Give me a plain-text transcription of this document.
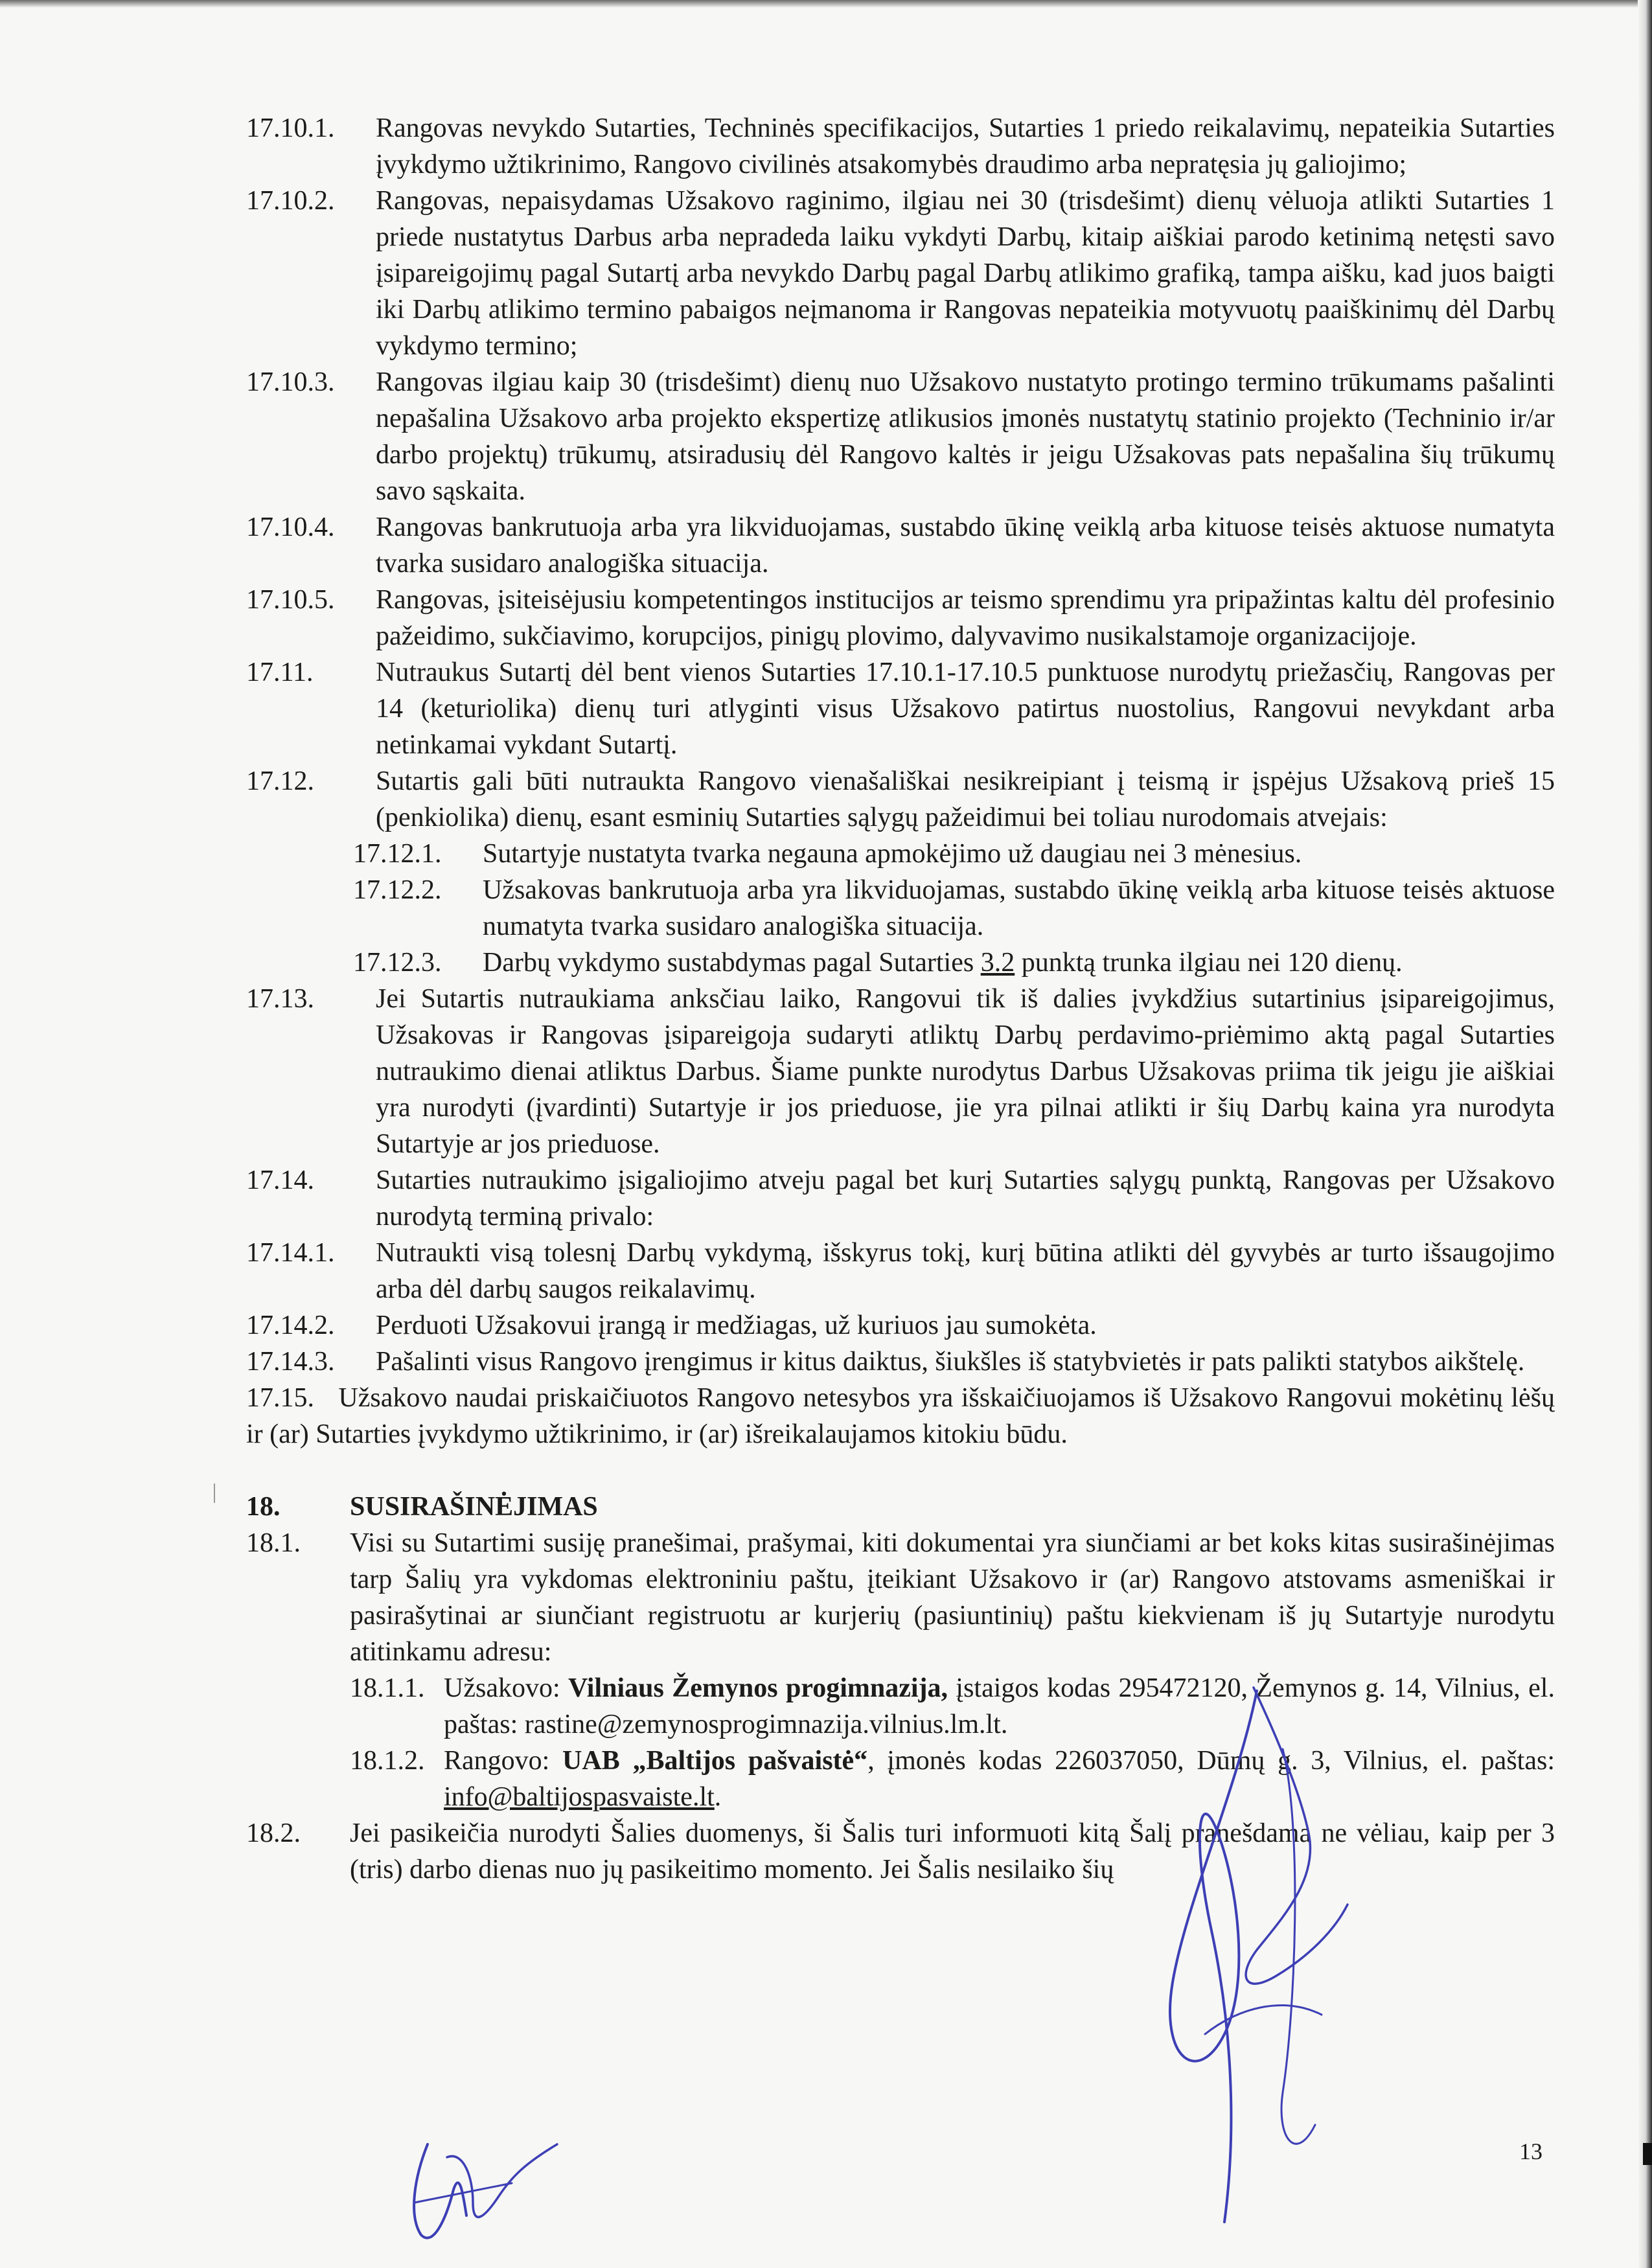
17.10.1. Rangovas nevykdo Sutarties, Techninės specifikacijos, Sutarties 1 priedo reikalavimų, nepateikia Sutarties įvykdymo užtikrinimo, Rangovo civilinės atsakomybės draudimo arba nepratęsia jų galiojimo;
17.10.2. Rangovas, nepaisydamas Užsakovo raginimo, ilgiau nei 30 (trisdešimt) dienų vėluoja atlikti Sutarties 1 priede nustatytus Darbus arba nepradeda laiku vykdyti Darbų, kitaip aiškiai parodo ketinimą netęsti savo įsipareigojimų pagal Sutartį arba nevykdo Darbų pagal Darbų atlikimo grafiką, tampa aišku, kad juos baigti iki Darbų atlikimo termino pabaigos neįmanoma ir Rangovas nepateikia motyvuotų paaiškinimų dėl Darbų vykdymo termino;
17.10.3. Rangovas ilgiau kaip 30 (trisdešimt) dienų nuo Užsakovo nustatyto protingo termino trūkumams pašalinti nepašalina Užsakovo arba projekto ekspertizę atlikusios įmonės nustatytų statinio projekto (Techninio ir/ar darbo projektų) trūkumų, atsiradusių dėl Rangovo kaltės ir jeigu Užsakovas pats nepašalina šių trūkumų savo sąskaita.
17.10.4. Rangovas bankrutuoja arba yra likviduojamas, sustabdo ūkinę veiklą arba kituose teisės aktuose numatyta tvarka susidaro analogiška situacija.
17.10.5. Rangovas, įsiteisėjusiu kompetentingos institucijos ar teismo sprendimu yra pripažintas kaltu dėl profesinio pažeidimo, sukčiavimo, korupcijos, pinigų plovimo, dalyvavimo nusikalstamoje organizacijoje.
17.11. Nutraukus Sutartį dėl bent vienos Sutarties 17.10.1-17.10.5 punktuose nurodytų priežasčių, Rangovas per 14 (keturiolika) dienų turi atlyginti visus Užsakovo patirtus nuostolius, Rangovui nevykdant arba netinkamai vykdant Sutartį.
17.12. Sutartis gali būti nutraukta Rangovo vienašališkai nesikreipiant į teismą ir įspėjus Užsakovą prieš 15 (penkiolika) dienų, esant esminių Sutarties sąlygų pažeidimui bei toliau nurodomais atvejais:
17.12.1. Sutartyje nustatyta tvarka negauna apmokėjimo už daugiau nei 3 mėnesius.
17.12.2. Užsakovas bankrutuoja arba yra likviduojamas, sustabdo ūkinę veiklą arba kituose teisės aktuose numatyta tvarka susidaro analogiška situacija.
17.12.3. Darbų vykdymo sustabdymas pagal Sutarties 3.2 punktą trunka ilgiau nei 120 dienų.
17.13. Jei Sutartis nutraukiama anksčiau laiko, Rangovui tik iš dalies įvykdžius sutartinius įsipareigojimus, Užsakovas ir Rangovas įsipareigoja sudaryti atliktų Darbų perdavimo-priėmimo aktą pagal Sutarties nutraukimo dienai atliktus Darbus. Šiame punkte nurodytus Darbus Užsakovas priima tik jeigu jie aiškiai yra nurodyti (įvardinti) Sutartyje ir jos prieduose, jie yra pilnai atlikti ir šių Darbų kaina yra nurodyta Sutartyje ar jos prieduose.
17.14. Sutarties nutraukimo įsigaliojimo atveju pagal bet kurį Sutarties sąlygų punktą, Rangovas per Užsakovo nurodytą terminą privalo:
17.14.1. Nutraukti visą tolesnį Darbų vykdymą, išskyrus tokį, kurį būtina atlikti dėl gyvybės ar turto išsaugojimo arba dėl darbų saugos reikalavimų.
17.14.2. Perduoti Užsakovui įrangą ir medžiagas, už kuriuos jau sumokėta.
17.14.3. Pašalinti visus Rangovo įrengimus ir kitus daiktus, šiukšles iš statybvietės ir pats palikti statybos aikštelę.
17.15. Užsakovo naudai priskaičiuotos Rangovo netesybos yra išskaičiuojamos iš Užsakovo Rangovui mokėtinų lėšų ir (ar) Sutarties įvykdymo užtikrinimo, ir (ar) išreikalaujamos kitokiu būdu.
18.	SUSIRAŠINĖJIMAS
18.1. Visi su Sutartimi susiję pranešimai, prašymai, kiti dokumentai yra siunčiami ar bet koks kitas susirašinėjimas tarp Šalių yra vykdomas elektroniniu paštu, įteikiant Užsakovo ir (ar) Rangovo atstovams asmeniškai ir pasirašytinai ar siunčiant registruotu ar kurjerių (pasiuntinių) paštu kiekvienam iš jų Sutartyje nurodytu atitinkamu adresu:
18.1.1. Užsakovo: Vilniaus Žemynos progimnazija, įstaigos kodas 295472120, Žemynos g. 14, Vilnius, el. paštas: rastine@zemynosprogimnazija.vilnius.lm.lt.
18.1.2. Rangovo: UAB „Baltijos pašvaistė“, įmonės kodas 226037050, Dūmų g. 3, Vilnius, el. paštas: info@baltijospasvaiste.lt.
18.2. Jei pasikeičia nurodyti Šalies duomenys, ši Šalis turi informuoti kitą Šalį pranešdama ne vėliau, kaip per 3 (tris) darbo dienas nuo jų pasikeitimo momento. Jei Šalis nesilaiko šių
13
